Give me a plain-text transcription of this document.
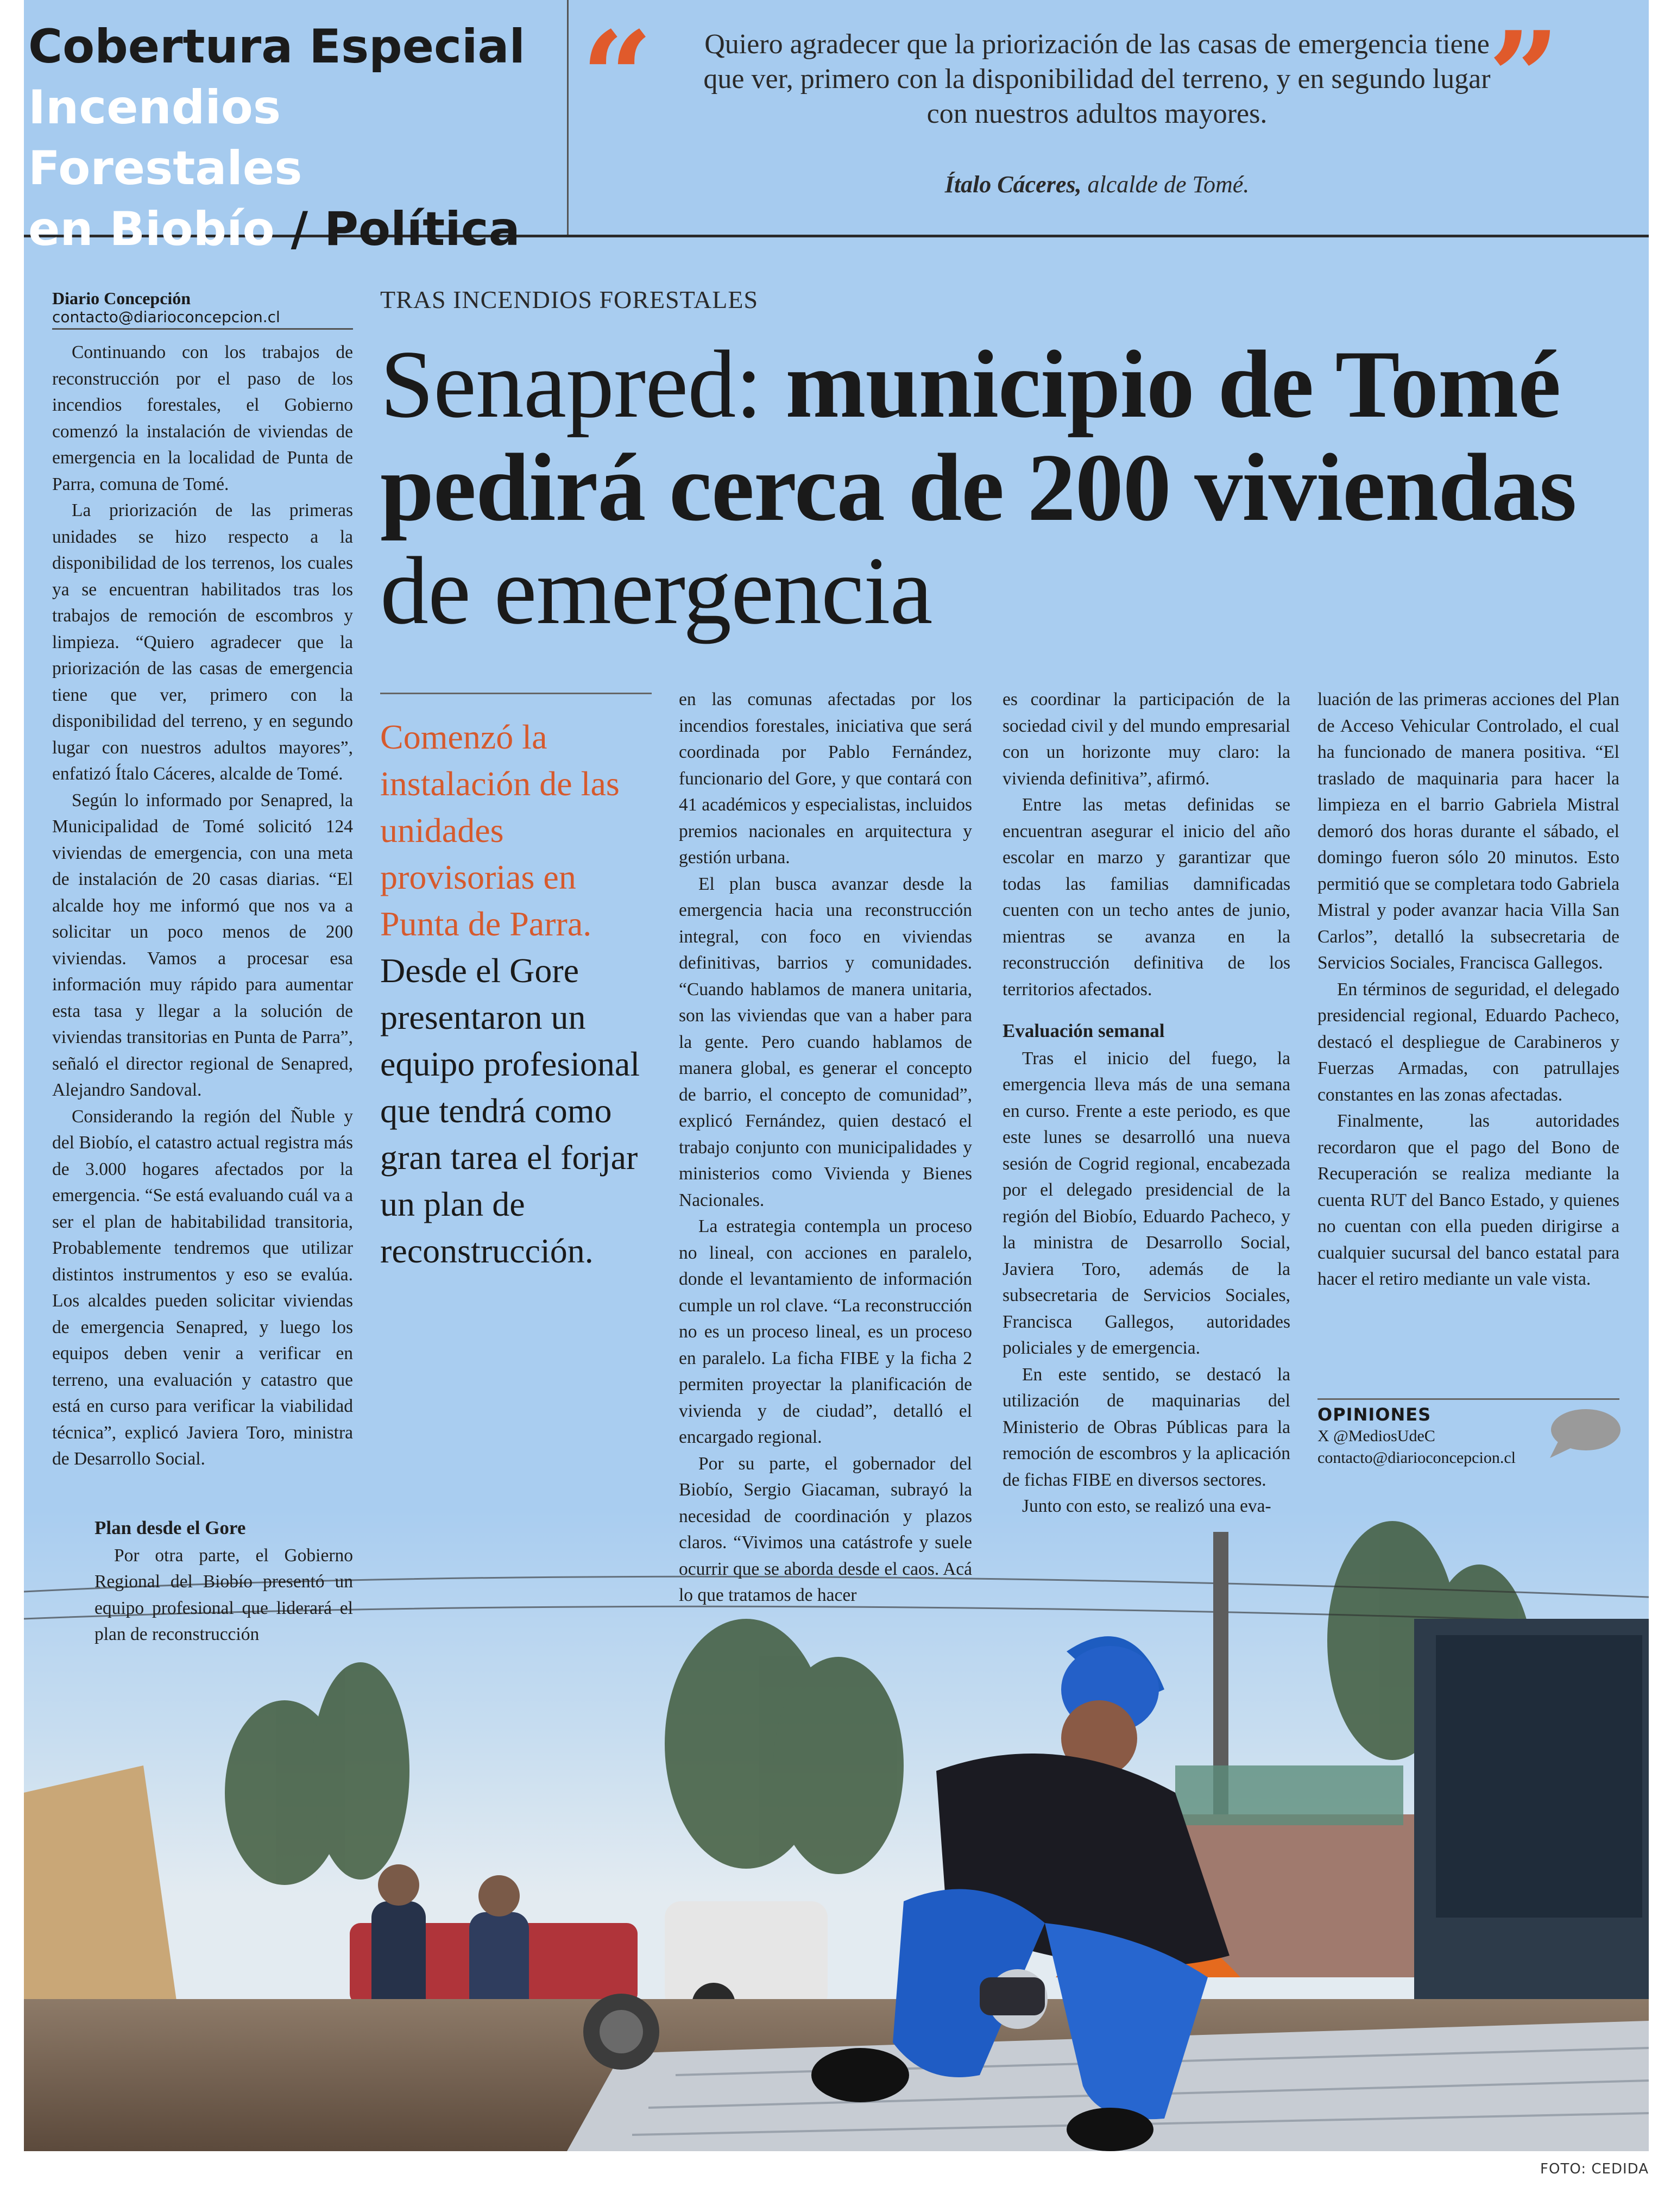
Cobertura Especial
Incendios Forestales
en Biobío / Política
“	”
Quiero agradecer que la priorización de las casas de emergencia tiene que ver, primero con la disponibilidad del terreno, y en segundo lugar con nuestros adultos mayores.
Ítalo Cáceres, alcalde de Tomé.
Diario Concepción
contacto@diarioconcepcion.cl
TRAS INCENDIOS FORESTALES
Senapred: municipio de Tomé pedirá cerca de 200 viviendas de emergencia

Continuando con los trabajos de reconstrucción por el paso de los incendios forestales, el Gobierno comenzó la instalación de viviendas de emergencia en la localidad de Punta de Parra, comuna de Tomé.

La priorización de las primeras unidades se hizo respecto a la disponibilidad de los terrenos, los cuales ya se encuentran habilitados tras los trabajos de remoción de escombros y limpieza. “Quiero agradecer que la priorización de las casas de emergencia tiene que ver, primero con la disponibilidad del terreno, y en segundo lugar con nuestros adultos mayores”, enfatizó Ítalo Cáceres, alcalde de Tomé.

Según lo informado por Senapred, la Municipalidad de Tomé solicitó 124 viviendas de emergencia, con una meta de instalación de 20 casas diarias. “El alcalde hoy me informó que nos va a solicitar un poco menos de 200 viviendas. Vamos a procesar esa información muy rápido para aumentar esta tasa y llegar a la solución de viviendas transitorias en Punta de Parra”, señaló el director regional de Senapred, Alejandro Sandoval.

Considerando la región del Ñuble y del Biobío, el catastro actual registra más de 3.000 hogares afectados por la emergencia. “Se está evaluando cuál va a ser el plan de habitabilidad transitoria, Probablemente tendremos que utilizar distintos instrumentos y eso se evalúa. Los alcaldes pueden solicitar viviendas de emergencia Senapred, y luego los equipos deben venir a verificar en terreno, una evaluación y catastro que está en curso para verificar la viabilidad técnica”, explicó Javiera Toro, ministra de Desarrollo Social.

Plan desde el Gore

Por otra parte, el Gobierno Regional del Biobío presentó un equipo profesional que liderará el plan de reconstrucción

Comenzó la instalación de las unidades provisorias en Punta de Parra. Desde el Gore presentaron un equipo profesional que tendrá como gran tarea el forjar un plan de reconstrucción.

en las comunas afectadas por los incendios forestales, iniciativa que será coordinada por Pablo Fernández, funcionario del Gore, y que contará con 41 académicos y especialistas, incluidos premios nacionales en arquitectura y gestión urbana.

El plan busca avanzar desde la emergencia hacia una reconstrucción integral, con foco en viviendas definitivas, barrios y comunidades. “Cuando hablamos de manera unitaria, son las viviendas que van a haber para la gente. Pero cuando hablamos de manera global, es generar el concepto de barrio, el concepto de comunidad”, explicó Fernández, quien destacó el trabajo conjunto con municipalidades y ministerios como Vivienda y Bienes Nacionales.

La estrategia contempla un proceso no lineal, con acciones en paralelo, donde el levantamiento de información cumple un rol clave. “La reconstrucción no es un proceso lineal, es un proceso en paralelo. La ficha FIBE y la ficha 2 permiten proyectar la planificación de vivienda y de ciudad”, detalló el encargado regional.

Por su parte, el gobernador del Biobío, Sergio Giacaman, subrayó la necesidad de coordinación y plazos claros. “Vivimos una catástrofe y suele ocurrir que se aborda desde el caos. Acá lo que tratamos de hacer

es coordinar la participación de la sociedad civil y del mundo empresarial con un horizonte muy claro: la vivienda definitiva”, afirmó.

Entre las metas definidas se encuentran asegurar el inicio del año escolar en marzo y garantizar que todas las familias damnificadas cuenten con un techo antes de junio, mientras se avanza en la reconstrucción definitiva de los territorios afectados.

Evaluación semanal

Tras el inicio del fuego, la emergencia lleva más de una semana en curso. Frente a este periodo, es que este lunes se desarrolló una nueva sesión de Cogrid regional, encabezada por el delegado presidencial de la región del Biobío, Eduardo Pacheco, y la ministra de Desarrollo Social, Javiera Toro, además de la subsecretaria de Servicios Sociales, Francisca Gallegos, autoridades policiales y de emergencia.

En este sentido, se destacó la utilización de maquinarias del Ministerio de Obras Públicas para la remoción de escombros y la aplicación de fichas FIBE en diversos sectores.

Junto con esto, se realizó una eva-

luación de las primeras acciones del Plan de Acceso Vehicular Controlado, el cual ha funcionado de manera positiva. “El traslado de maquinaria para hacer la limpieza en el barrio Gabriela Mistral demoró dos horas durante el sábado, el domingo fueron sólo 20 minutos. Esto permitió que se completara todo Gabriela Mistral y poder avanzar hacia Villa San Carlos”, detalló la subsecretaria de Servicios Sociales, Francisca Gallegos.

En términos de seguridad, el delegado presidencial regional, Eduardo Pacheco, destacó el despliegue de Carabineros y Fuerzas Armadas, con patrullajes constantes en las zonas afectadas.

Finalmente, las autoridades recordaron que el pago del Bono de Recuperación se realiza mediante la cuenta RUT del Banco Estado, y quienes no cuentan con ella pueden dirigirse a cualquier sucursal del banco estatal para hacer el retiro mediante un vale vista.

OPINIONES
X @MediosUdeC
contacto@diarioconcepcion.cl
FOTO: CEDIDA
